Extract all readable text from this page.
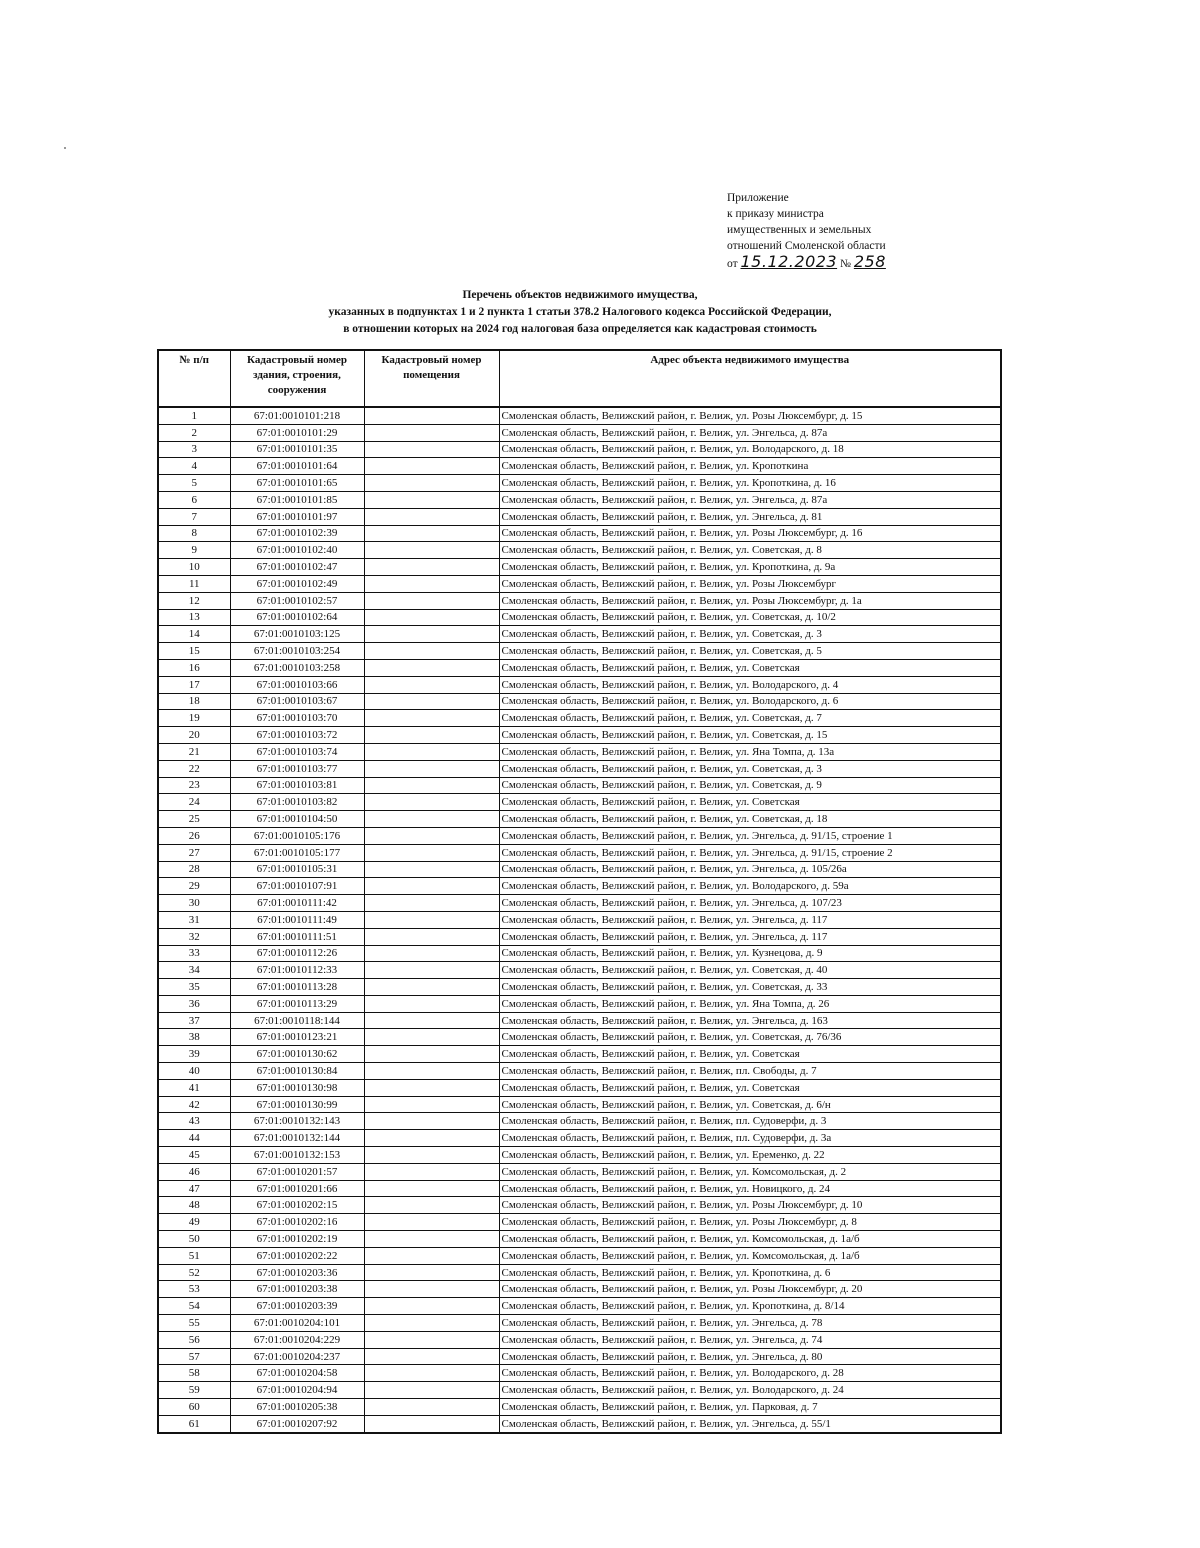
Приложение
к приказу министра
имущественных и земельных
отношений Смоленской области
от 15.12.2023 № 258
Перечень объектов недвижимого имущества,
указанных в подпунктах 1 и 2 пункта 1 статьи 378.2 Налогового кодекса Российской Федерации,
в отношении которых на 2024 год налоговая база определяется как кадастровая стоимость
№ п/п	Кадастровый номер здания, строения, сооружения	Кадастровый номер помещения	Адрес объекта недвижимого имущества
1	67:01:0010101:218		Смоленская область, Велижский район, г. Велиж, ул. Розы Люксембург, д. 15
2	67:01:0010101:29		Смоленская область, Велижский район, г. Велиж, ул. Энгельса, д. 87а
3	67:01:0010101:35		Смоленская область, Велижский район, г. Велиж, ул. Володарского, д. 18
4	67:01:0010101:64		Смоленская область, Велижский район, г. Велиж, ул. Кропоткина
5	67:01:0010101:65		Смоленская область, Велижский район, г. Велиж, ул. Кропоткина, д. 16
6	67:01:0010101:85		Смоленская область, Велижский район, г. Велиж, ул. Энгельса, д. 87а
7	67:01:0010101:97		Смоленская область, Велижский район, г. Велиж, ул. Энгельса, д. 81
8	67:01:0010102:39		Смоленская область, Велижский район, г. Велиж, ул. Розы Люксембург, д. 16
9	67:01:0010102:40		Смоленская область, Велижский район, г. Велиж, ул. Советская, д. 8
10	67:01:0010102:47		Смоленская область, Велижский район, г. Велиж, ул. Кропоткина, д. 9а
11	67:01:0010102:49		Смоленская область, Велижский район, г. Велиж, ул. Розы Люксембург
12	67:01:0010102:57		Смоленская область, Велижский район, г. Велиж, ул. Розы Люксембург, д. 1а
13	67:01:0010102:64		Смоленская область, Велижский район, г. Велиж, ул. Советская, д. 10/2
14	67:01:0010103:125		Смоленская область, Велижский район, г. Велиж, ул. Советская, д. 3
15	67:01:0010103:254		Смоленская область, Велижский район, г. Велиж, ул. Советская, д. 5
16	67:01:0010103:258		Смоленская область, Велижский район, г. Велиж, ул. Советская
17	67:01:0010103:66		Смоленская область, Велижский район, г. Велиж, ул. Володарского, д. 4
18	67:01:0010103:67		Смоленская область, Велижский район, г. Велиж, ул. Володарского, д. 6
19	67:01:0010103:70		Смоленская область, Велижский район, г. Велиж, ул. Советская, д. 7
20	67:01:0010103:72		Смоленская область, Велижский район, г. Велиж, ул. Советская, д. 15
21	67:01:0010103:74		Смоленская область, Велижский район, г. Велиж, ул. Яна Томпа, д. 13а
22	67:01:0010103:77		Смоленская область, Велижский район, г. Велиж, ул. Советская, д. 3
23	67:01:0010103:81		Смоленская область, Велижский район, г. Велиж, ул. Советская, д. 9
24	67:01:0010103:82		Смоленская область, Велижский район, г. Велиж, ул. Советская
25	67:01:0010104:50		Смоленская область, Велижский район, г. Велиж, ул. Советская, д. 18
26	67:01:0010105:176		Смоленская область, Велижский район, г. Велиж, ул. Энгельса, д. 91/15, строение 1
27	67:01:0010105:177		Смоленская область, Велижский район, г. Велиж, ул. Энгельса, д. 91/15, строение 2
28	67:01:0010105:31		Смоленская область, Велижский район, г. Велиж, ул. Энгельса, д. 105/26а
29	67:01:0010107:91		Смоленская область, Велижский район, г. Велиж, ул. Володарского, д. 59а
30	67:01:0010111:42		Смоленская область, Велижский район, г. Велиж, ул. Энгельса, д. 107/23
31	67:01:0010111:49		Смоленская область, Велижский район, г. Велиж, ул. Энгельса, д. 117
32	67:01:0010111:51		Смоленская область, Велижский район, г. Велиж, ул. Энгельса, д. 117
33	67:01:0010112:26		Смоленская область, Велижский район, г. Велиж, ул. Кузнецова, д. 9
34	67:01:0010112:33		Смоленская область, Велижский район, г. Велиж, ул. Советская, д. 40
35	67:01:0010113:28		Смоленская область, Велижский район, г. Велиж, ул. Советская, д. 33
36	67:01:0010113:29		Смоленская область, Велижский район, г. Велиж, ул. Яна Томпа, д. 26
37	67:01:0010118:144		Смоленская область, Велижский район, г. Велиж, ул. Энгельса, д. 163
38	67:01:0010123:21		Смоленская область, Велижский район, г. Велиж, ул. Советская, д. 76/36
39	67:01:0010130:62		Смоленская область, Велижский район, г. Велиж, ул. Советская
40	67:01:0010130:84		Смоленская область, Велижский район, г. Велиж, пл. Свободы, д. 7
41	67:01:0010130:98		Смоленская область, Велижский район, г. Велиж, ул. Советская
42	67:01:0010130:99		Смоленская область, Велижский район, г. Велиж, ул. Советская, д. 6/н
43	67:01:0010132:143		Смоленская область, Велижский район, г. Велиж, пл. Судоверфи, д. 3
44	67:01:0010132:144		Смоленская область, Велижский район, г. Велиж, пл. Судоверфи, д. 3а
45	67:01:0010132:153		Смоленская область, Велижский район, г. Велиж, ул. Еременко, д. 22
46	67:01:0010201:57		Смоленская область, Велижский район, г. Велиж, ул. Комсомольская, д. 2
47	67:01:0010201:66		Смоленская область, Велижский район, г. Велиж, ул. Новицкого, д. 24
48	67:01:0010202:15		Смоленская область, Велижский район, г. Велиж, ул. Розы Люксембург, д. 10
49	67:01:0010202:16		Смоленская область, Велижский район, г. Велиж, ул. Розы Люксембург, д. 8
50	67:01:0010202:19		Смоленская область, Велижский район, г. Велиж, ул. Комсомольская, д. 1а/б
51	67:01:0010202:22		Смоленская область, Велижский район, г. Велиж, ул. Комсомольская, д. 1а/б
52	67:01:0010203:36		Смоленская область, Велижский район, г. Велиж, ул. Кропоткина, д. 6
53	67:01:0010203:38		Смоленская область, Велижский район, г. Велиж, ул. Розы Люксембург, д. 20
54	67:01:0010203:39		Смоленская область, Велижский район, г. Велиж, ул. Кропоткина, д. 8/14
55	67:01:0010204:101		Смоленская область, Велижский район, г. Велиж, ул. Энгельса, д. 78
56	67:01:0010204:229		Смоленская область, Велижский район, г. Велиж, ул. Энгельса, д. 74
57	67:01:0010204:237		Смоленская область, Велижский район, г. Велиж, ул. Энгельса, д. 80
58	67:01:0010204:58		Смоленская область, Велижский район, г. Велиж, ул. Володарского, д. 28
59	67:01:0010204:94		Смоленская область, Велижский район, г. Велиж, ул. Володарского, д. 24
60	67:01:0010205:38		Смоленская область, Велижский район, г. Велиж, ул. Парковая, д. 7
61	67:01:0010207:92		Смоленская область, Велижский район, г. Велиж, ул. Энгельса, д. 55/1
